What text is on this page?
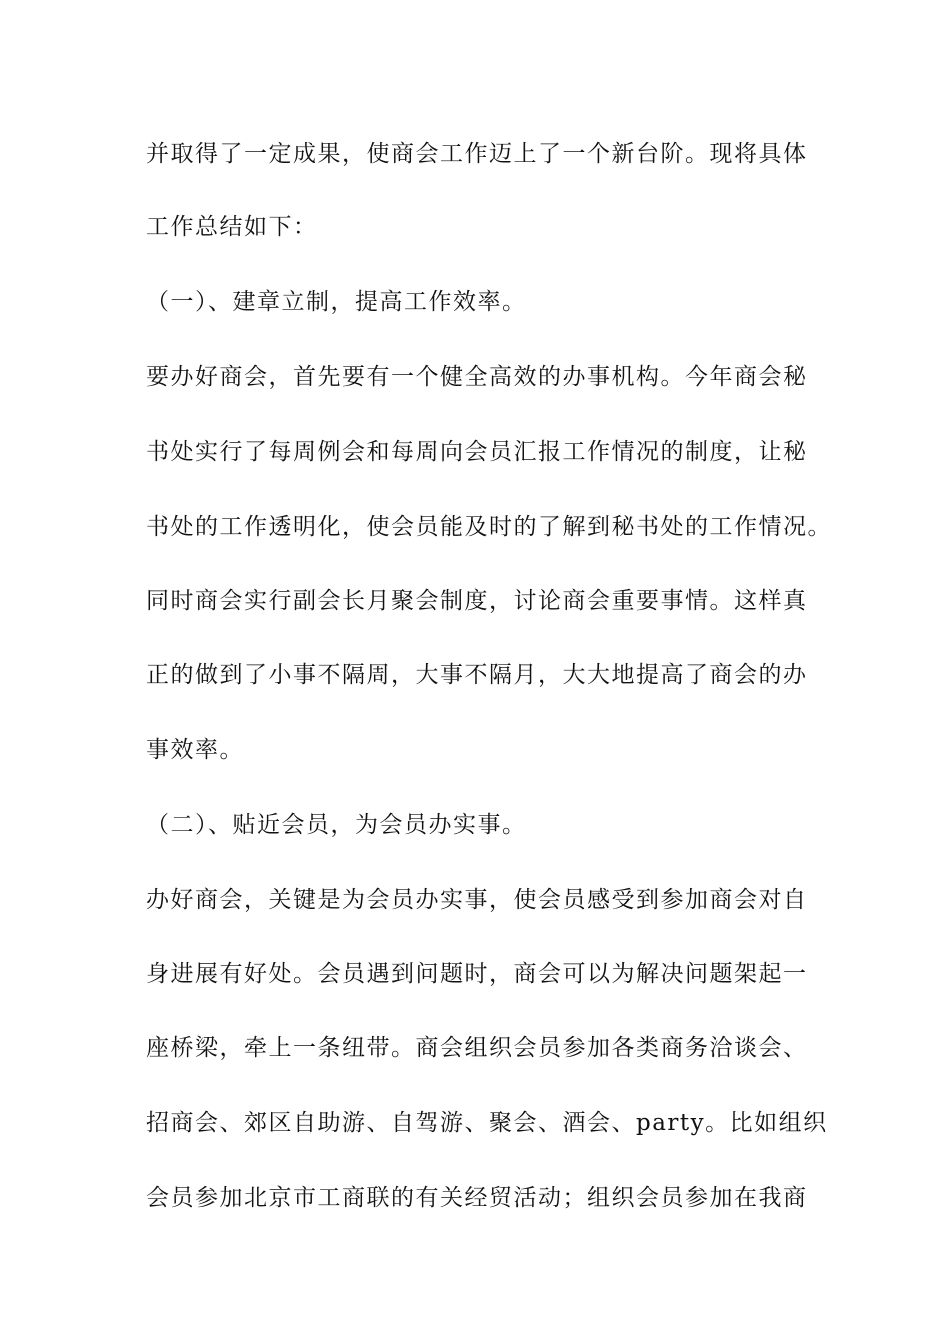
并取得了一定成果，使商会工作迈上了一个新台阶。现将具体

工作总结如下：

（一）、建章立制，提高工作效率。

要办好商会，首先要有一个健全高效的办事机构。今年商会秘

书处实行了每周例会和每周向会员汇报工作情况的制度，让秘

书处的工作透明化，使会员能及时的了解到秘书处的工作情况。

同时商会实行副会长月聚会制度，讨论商会重要事情。这样真

正的做到了小事不隔周，大事不隔月，大大地提高了商会的办

事效率。

（二）、贴近会员，为会员办实事。

办好商会，关键是为会员办实事，使会员感受到参加商会对自

身进展有好处。会员遇到问题时，商会可以为解决问题架起一

座桥梁，牵上一条纽带。商会组织会员参加各类商务洽谈会、

招商会、郊区自助游、自驾游、聚会、酒会、party。比如组织

会员参加北京市工商联的有关经贸活动；组织会员参加在我商
